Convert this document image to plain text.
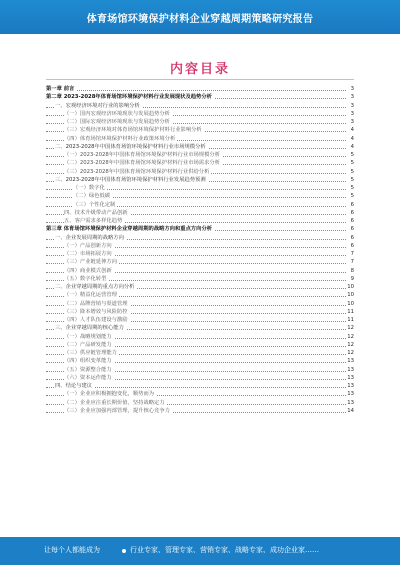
体育场馆环境保护材料企业穿越周期策略研究报告
内容目录
第一章 前言	3
第二章 2023-2028年体育场馆环境保护材料行业发展现状及趋势分析	3
一、宏观经济环境对行业的影响分析	3
（一）国内宏观经济环境现状与发展趋势分析	3
（二）国际宏观经济环境现状与发展趋势分析	3
（三）宏观经济环境对体育场馆环境保护材料行业影响分析	4
（四）体育场馆环境保护材料行业政策环境分析	4
二、2023-2028年中国体育场馆环境保护材料行业市场规模分析	4
（一）2023-2028年中国体育场馆环境保护材料行业市场规模分析	5
（二）2023-2028年中国体育场馆环境保护材料行业市场需求分析	5
（三）2023-2028年中国体育场馆环境保护材料行业供给分析	5
三、2023-2028年中国体育场馆环境保护材料行业发展趋势预测	5
（一）数字化	5
（二）绿色低碳	5
（三）个性化定制	6
四、技术升级带动产品创新	6
五、客户需求多样化趋势	6
第三章 体育场馆环境保护材料企业穿越周期的战略方向和重点方向分析	6
一、企业发展周期的战略方向	6
（一）产品创新方向	6
（二）市场拓展方向	7
（三）产业链延伸方向	7
（四）商业模式创新	8
（五）数字化转型	9
二、企业穿越周期的重点方向分析	10
（一）精益化运营管理	10
（二）品牌营销与渠道管理	10
（三）降本增效与风险防控	11
（四）人才队伍建设与激励	11
三、企业穿越周期的核心能力	12
（一）战略规划能力	12
（二）产品研发能力	12
（三）供应链管理能力	12
（四）组织变革能力	13
（五）资源整合能力	13
（六）资本运作能力	13
四、结论与建议	13
（一）企业应积极拥抱变化，顺势而为	13
（二）企业应注重长期价值，坚持战略定力	13
（三）企业应加强内部管理，提升核心竞争力	14
让每个人都能成为	行业专家、管理专家、营销专家、战略专家、成功企业家……
